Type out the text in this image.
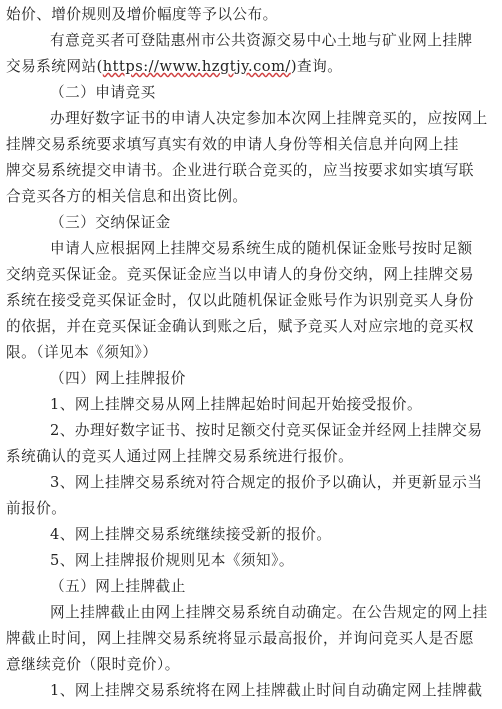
始价、增价规则及增价幅度等予以公布。
有意竞买者可登陆惠州市公共资源交易中心土地与矿业网上挂牌
交易系统网站(https://www.hzgtjy.com/)查询。
（二）申请竞买
办理好数字证书的申请人决定参加本次网上挂牌竞买的，应按网上
挂牌交易系统要求填写真实有效的申请人身份等相关信息并向网上挂
牌交易系统提交申请书。企业进行联合竞买的，应当按要求如实填写联
合竞买各方的相关信息和出资比例。
（三）交纳保证金
申请人应根据网上挂牌交易系统生成的随机保证金账号按时足额
交纳竞买保证金。竞买保证金应当以申请人的身份交纳，网上挂牌交易
系统在接受竞买保证金时，仅以此随机保证金账号作为识别竞买人身份
的依据，并在竞买保证金确认到账之后，赋予竞买人对应宗地的竞买权
限。（详见本《须知》）
（四）网上挂牌报价
1、网上挂牌交易从网上挂牌起始时间起开始接受报价。
2、办理好数字证书、按时足额交付竞买保证金并经网上挂牌交易
系统确认的竞买人通过网上挂牌交易系统进行报价。
3、网上挂牌交易系统对符合规定的报价予以确认，并更新显示当
前报价。
4、网上挂牌交易系统继续接受新的报价。
5、网上挂牌报价规则见本《须知》。
（五）网上挂牌截止
网上挂牌截止由网上挂牌交易系统自动确定。在公告规定的网上挂
牌截止时间，网上挂牌交易系统将显示最高报价，并询问竞买人是否愿
意继续竞价（限时竞价）。
1、网上挂牌交易系统将在网上挂牌截止时间自动确定网上挂牌截
